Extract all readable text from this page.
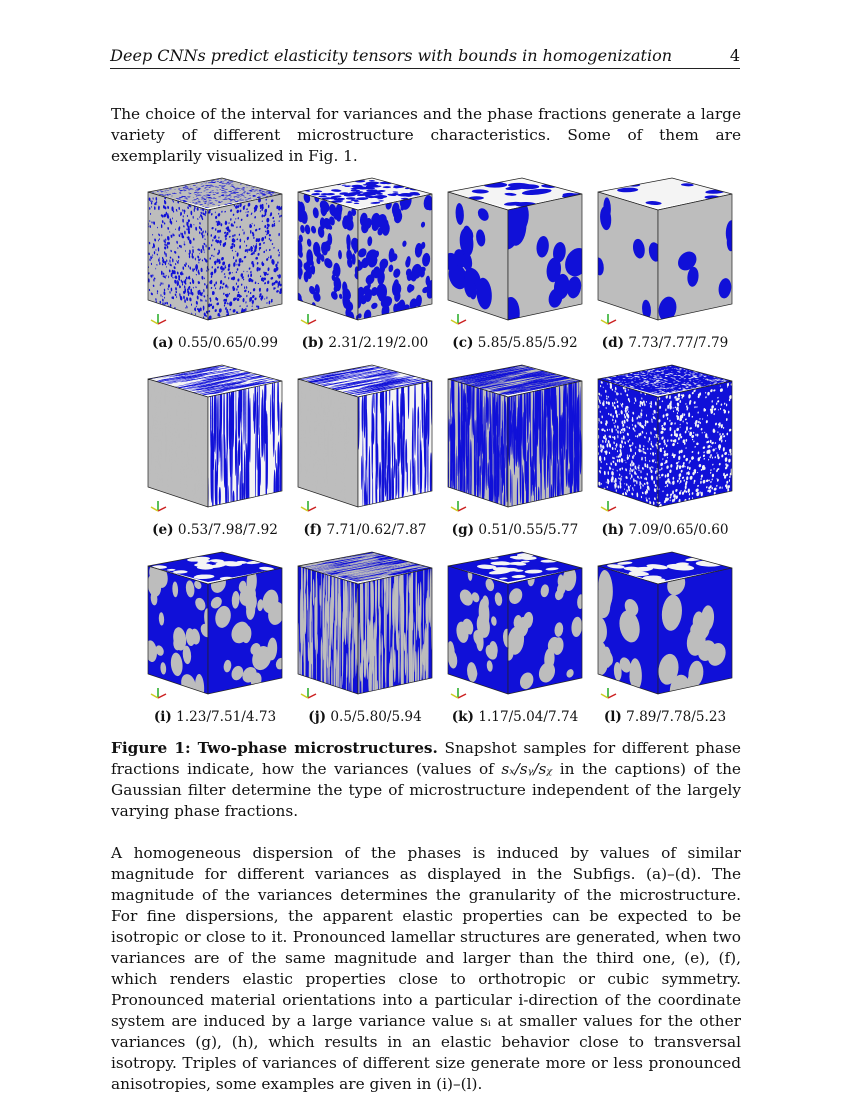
Deep CNNs predict elasticity tensors with bounds in homogenization	4
The choice of the interval for variances and the phase fractions generate a large variety of different microstructure characteristics. Some of them are exemplarily visualized in Fig. 1.
(a) 0.55/0.65/0.99	(b) 2.31/2.19/2.00	(c) 5.85/5.85/5.92	(d) 7.73/7.77/7.79
(e) 0.53/7.98/7.92	(f) 7.71/0.62/7.87	(g) 0.51/0.55/5.77	(h) 7.09/0.65/0.60
(i) 1.23/7.51/4.73	(j) 0.5/5.80/5.94	(k) 1.17/5.04/7.74	(l) 7.89/7.78/5.23
Figure 1: Two-phase microstructures. Snapshot samples for different phase fractions indicate, how the variances (values of sₓ/sᵧ/sᵪ in the captions) of the Gaussian filter determine the type of microstructure independent of the largely varying phase fractions.
A homogeneous dispersion of the phases is induced by values of similar magnitude for different variances as displayed in the Subfigs. (a)–(d). The magnitude of the variances determines the granularity of the microstructure. For fine dispersions, the apparent elastic properties can be expected to be isotropic or close to it. Pronounced lamellar structures are generated, when two variances are of the same magnitude and larger than the third one, (e), (f), which renders elastic properties close to orthotropic or cubic symmetry. Pronounced material orientations into a particular i-direction of the coordinate system are induced by a large variance value sᵢ at smaller values for the other variances (g), (h), which results in an elastic behavior close to transversal isotropy. Triples of variances of different size generate more or less pronounced anisotropies, some examples are given in (i)–(l).
